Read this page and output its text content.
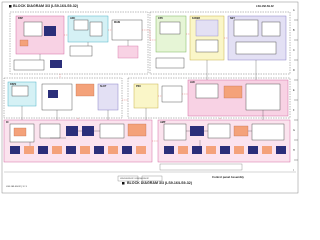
BLOCK DIAGRAM 3/3 (LS9-16/LS9-32)	LS9-16/LS9-32
BLOCK DIAGRAM 3/3 (LS9-16/LS9-32)
Control panel Assembly
LS9-16/LS9-32 | 3 / 3
LS9-16/LS9-32 / LS9-16/LS9-32
DSP	ADC
MAIN
CPU	FADER	NET
DSP2
SLOT	PSU
LED
IO	AMP
A
B
C
D
E
F
G
H
I
